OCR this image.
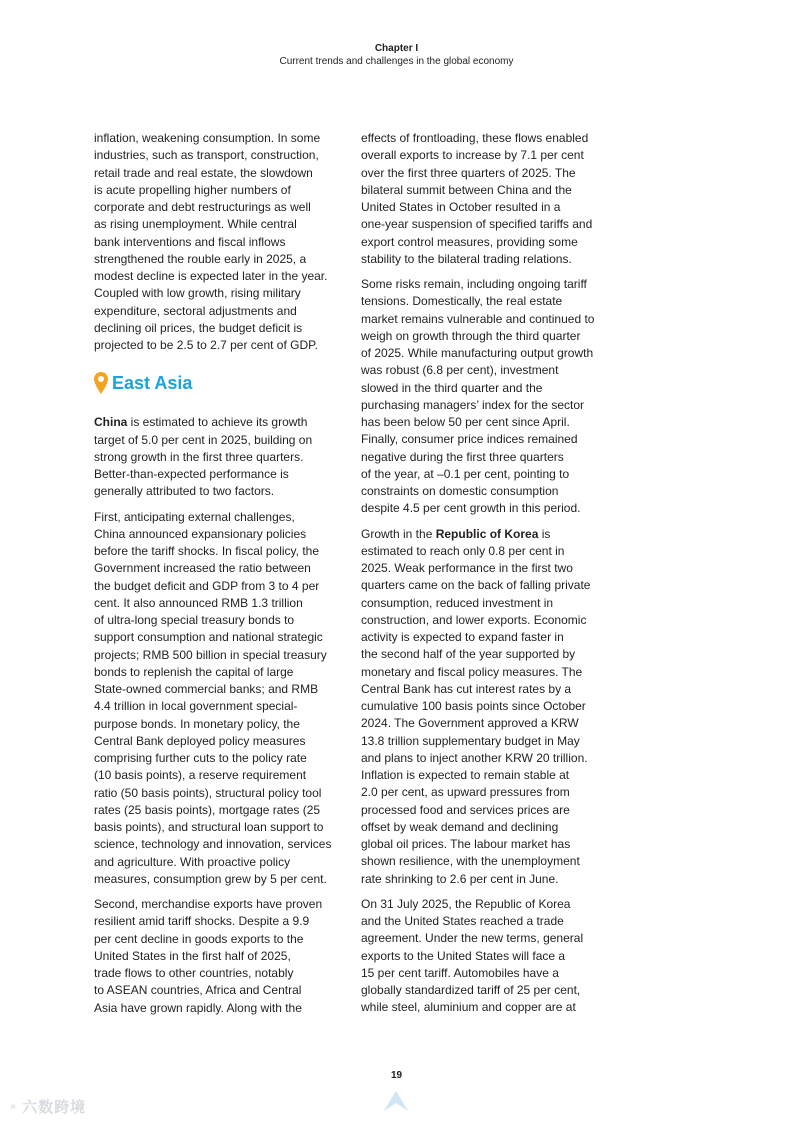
Chapter I
Current trends and challenges in the global economy

inflation, weakening consumption. In some
industries, such as transport, construction,
retail trade and real estate, the slowdown
is acute propelling higher numbers of
corporate and debt restructurings as well
as rising unemployment. While central
bank interventions and fiscal inflows
strengthened the rouble early in 2025, a
modest decline is expected later in the year.
Coupled with low growth, rising military
expenditure, sectoral adjustments and
declining oil prices, the budget deficit is
projected to be 2.5 to 2.7 per cent of GDP.

East Asia

China is estimated to achieve its growth
target of 5.0 per cent in 2025, building on
strong growth in the first three quarters.
Better-than-expected performance is
generally attributed to two factors.

First, anticipating external challenges,
China announced expansionary policies
before the tariff shocks. In fiscal policy, the
Government increased the ratio between
the budget deficit and GDP from 3 to 4 per
cent. It also announced RMB 1.3 trillion
of ultra-long special treasury bonds to
support consumption and national strategic
projects; RMB 500 billion in special treasury
bonds to replenish the capital of large
State-owned commercial banks; and RMB
4.4 trillion in local government special-
purpose bonds. In monetary policy, the
Central Bank deployed policy measures
comprising further cuts to the policy rate
(10 basis points), a reserve requirement
ratio (50 basis points), structural policy tool
rates (25 basis points), mortgage rates (25
basis points), and structural loan support to
science, technology and innovation, services
and agriculture. With proactive policy
measures, consumption grew by 5 per cent.

Second, merchandise exports have proven
resilient amid tariff shocks. Despite a 9.9
per cent decline in goods exports to the
United States in the first half of 2025,
trade flows to other countries, notably
to ASEAN countries, Africa and Central
Asia have grown rapidly. Along with the

effects of frontloading, these flows enabled
overall exports to increase by 7.1 per cent
over the first three quarters of 2025. The
bilateral summit between China and the
United States in October resulted in a
one-year suspension of specified tariffs and
export control measures, providing some
stability to the bilateral trading relations.

Some risks remain, including ongoing tariff
tensions. Domestically, the real estate
market remains vulnerable and continued to
weigh on growth through the third quarter
of 2025. While manufacturing output growth
was robust (6.8 per cent), investment
slowed in the third quarter and the
purchasing managers’ index for the sector
has been below 50 per cent since April.
Finally, consumer price indices remained
negative during the first three quarters
of the year, at –0.1 per cent, pointing to
constraints on domestic consumption
despite 4.5 per cent growth in this period.

Growth in the Republic of Korea is
estimated to reach only 0.8 per cent in
2025. Weak performance in the first two
quarters came on the back of falling private
consumption, reduced investment in
construction, and lower exports. Economic
activity is expected to expand faster in
the second half of the year supported by
monetary and fiscal policy measures. The
Central Bank has cut interest rates by a
cumulative 100 basis points since October
2024. The Government approved a KRW
13.8 trillion supplementary budget in May
and plans to inject another KRW 20 trillion.
Inflation is expected to remain stable at
2.0 per cent, as upward pressures from
processed food and services prices are
offset by weak demand and declining
global oil prices. The labour market has
shown resilience, with the unemployment
rate shrinking to 2.6 per cent in June.

On 31 July 2025, the Republic of Korea
and the United States reached a trade
agreement. Under the new terms, general
exports to the United States will face a
15 per cent tariff. Automobiles have a
globally standardized tariff of 25 per cent,
while steel, aluminium and copper are at

19
⚬ 六数跨境
